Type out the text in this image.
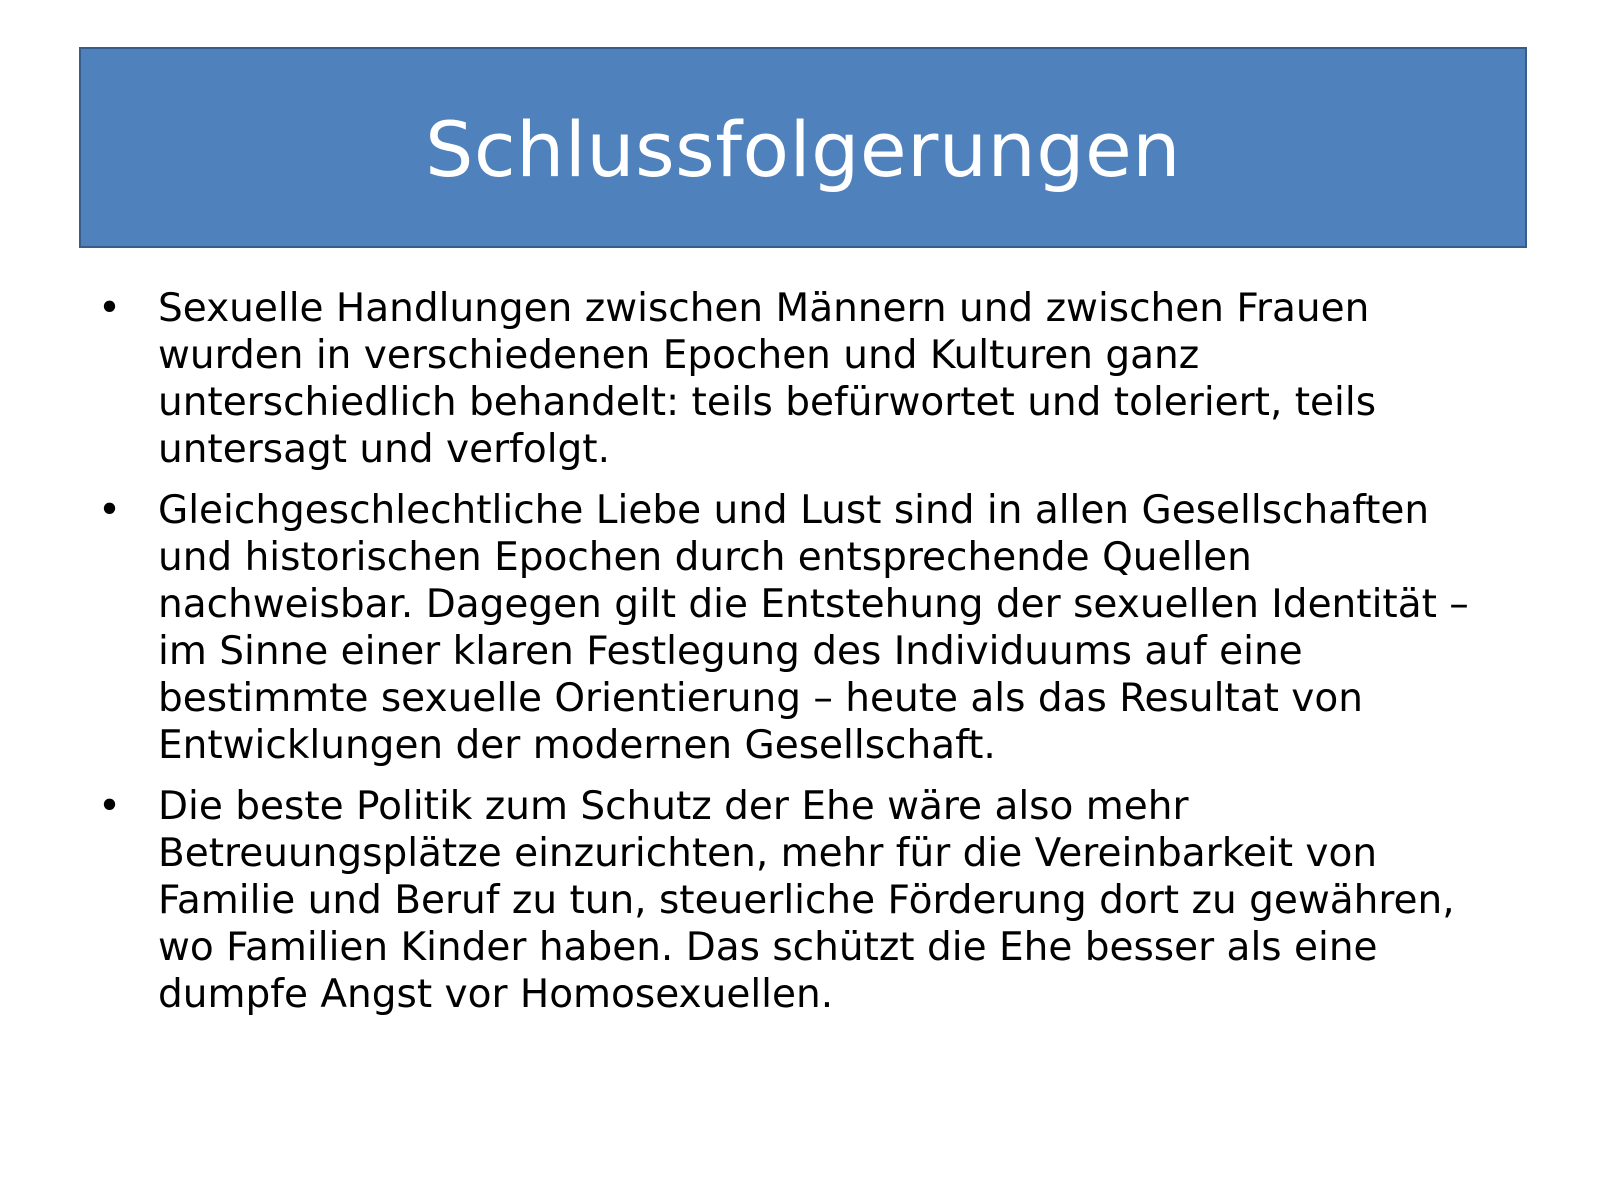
Schlussfolgerungen
• Sexuelle Handlungen zwischen Männern und zwischen Frauen
wurden in verschiedenen Epochen und Kulturen ganz
unterschiedlich behandelt: teils befürwortet und toleriert, teils
untersagt und verfolgt.
• Gleichgeschlechtliche Liebe und Lust sind in allen Gesellschaften
und historischen Epochen durch entsprechende Quellen
nachweisbar. Dagegen gilt die Entstehung der sexuellen Identität –
im Sinne einer klaren Festlegung des Individuums auf eine
bestimmte sexuelle Orientierung – heute als das Resultat von
Entwicklungen der modernen Gesellschaft.
• Die beste Politik zum Schutz der Ehe wäre also mehr
Betreuungsplätze einzurichten, mehr für die Vereinbarkeit von
Familie und Beruf zu tun, steuerliche Förderung dort zu gewähren,
wo Familien Kinder haben. Das schützt die Ehe besser als eine
dumpfe Angst vor Homosexuellen.
